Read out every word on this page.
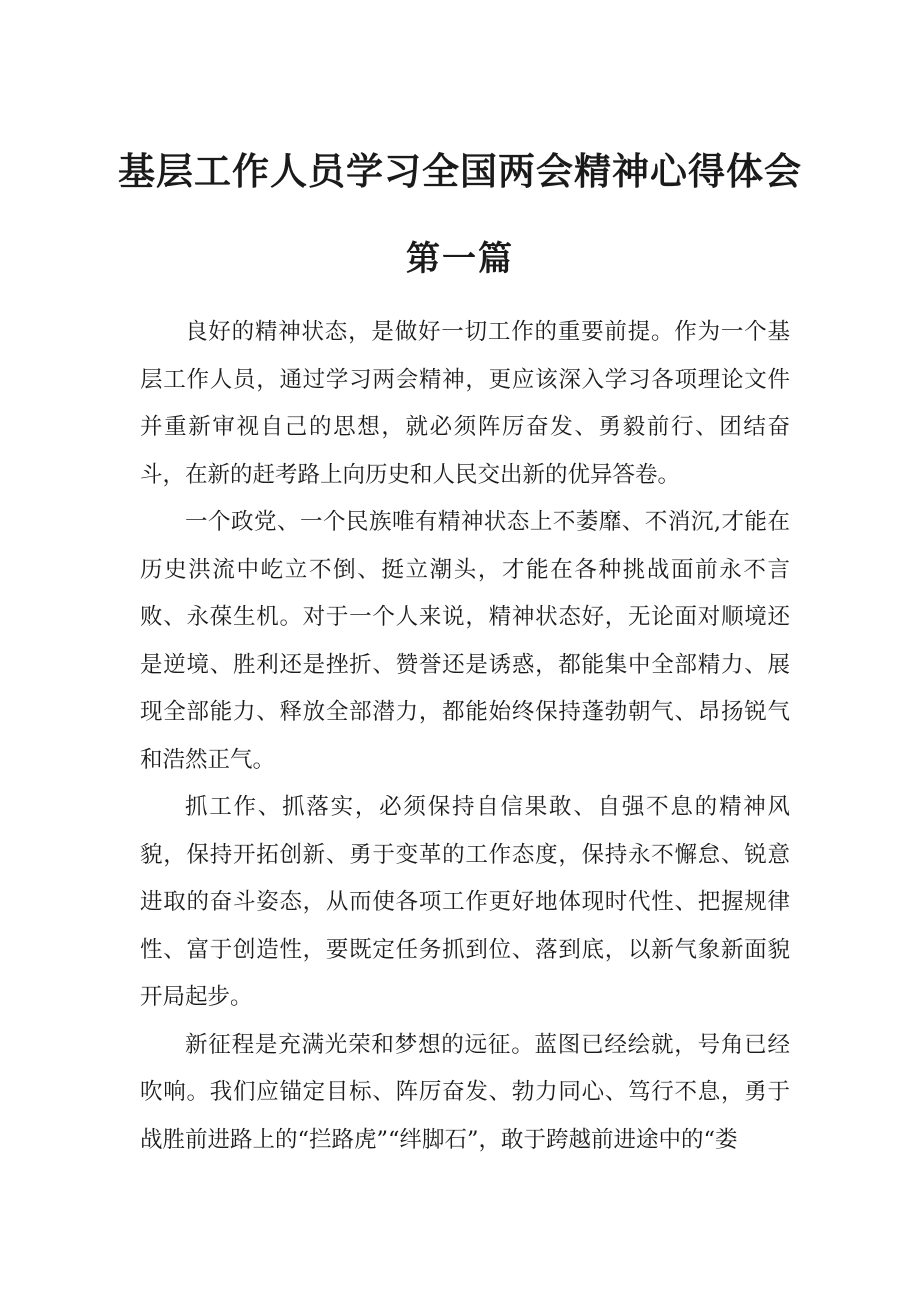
基层工作人员学习全国两会精神心得体会
第一篇

良好的精神状态，是做好一切工作的重要前提。作为一个基层工作人员，通过学习两会精神，更应该深入学习各项理论文件并重新审视自己的思想，就必须阵厉奋发、勇毅前行、团结奋斗，在新的赶考路上向历史和人民交出新的优异答卷。

一个政党、一个民族唯有精神状态上不萎靡、不消沉,才能在历史洪流中屹立不倒、挺立潮头，才能在各种挑战面前永不言败、永葆生机。对于一个人来说，精神状态好，无论面对顺境还是逆境、胜利还是挫折、赞誉还是诱惑，都能集中全部精力、展现全部能力、释放全部潜力，都能始终保持蓬勃朝气、昂扬锐气和浩然正气。

抓工作、抓落实，必须保持自信果敢、自强不息的精神风貌，保持开拓创新、勇于变革的工作态度，保持永不懈怠、锐意进取的奋斗姿态，从而使各项工作更好地体现时代性、把握规律性、富于创造性，要既定任务抓到位、落到底，以新气象新面貌开局起步。

新征程是充满光荣和梦想的远征。蓝图已经绘就，号角已经吹响。我们应锚定目标、阵厉奋发、勃力同心、笃行不息，勇于战胜前进路上的“拦路虎”“绊脚石”，敢于跨越前进途中的“娄
